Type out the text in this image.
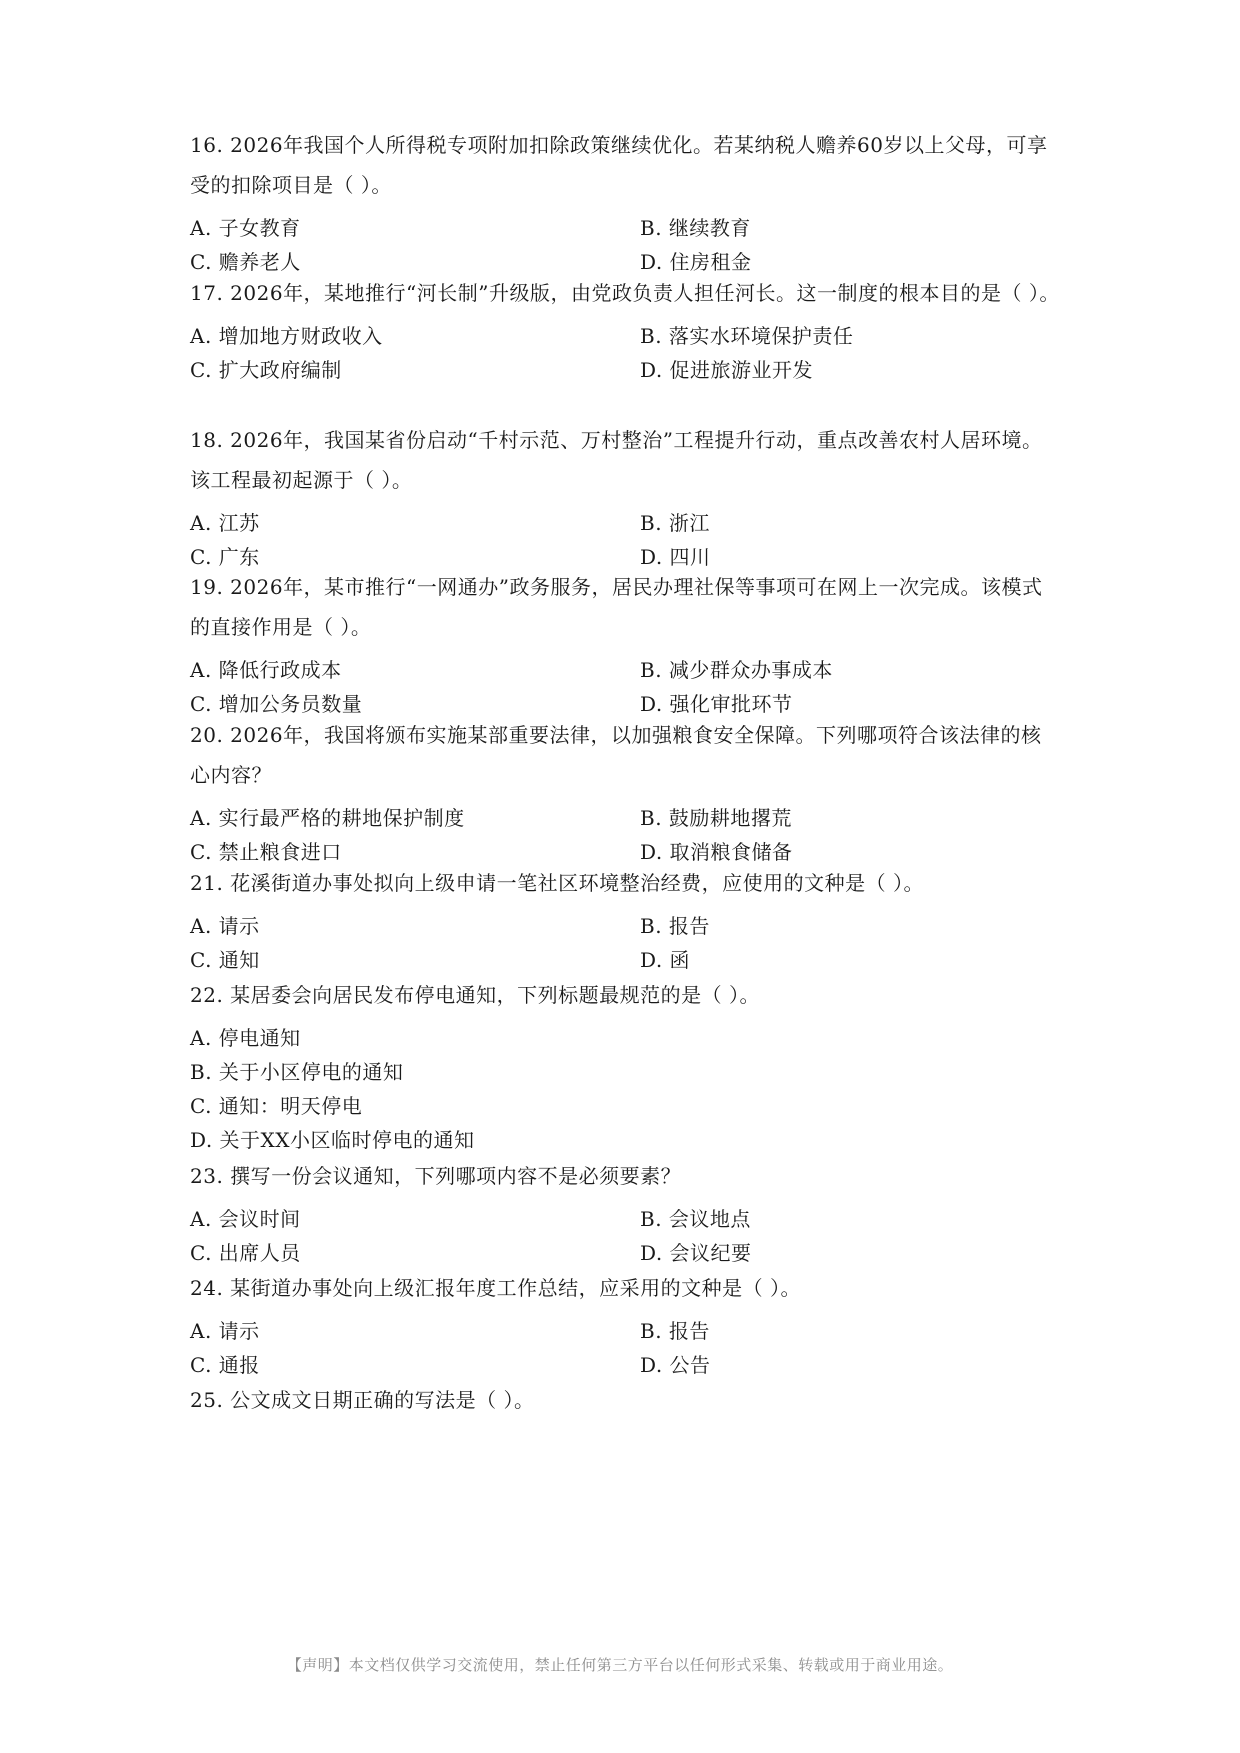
16. 2026年我国个人所得税专项附加扣除政策继续优化。若某纳税人赡养60岁以上父母，可享受的扣除项目是（ ）。

A. 子女教育	B. 继续教育
C. 赡养老人	D. 住房租金

17. 2026年，某地推行“河长制”升级版，由党政负责人担任河长。这一制度的根本目的是（ ）。

A. 增加地方财政收入	B. 落实水环境保护责任
C. 扩大政府编制	D. 促进旅游业开发

18. 2026年，我国某省份启动“千村示范、万村整治”工程提升行动，重点改善农村人居环境。该工程最初起源于（ ）。

A. 江苏	B. 浙江
C. 广东	D. 四川

19. 2026年，某市推行“一网通办”政务服务，居民办理社保等事项可在网上一次完成。该模式的直接作用是（ ）。

A. 降低行政成本	B. 减少群众办事成本
C. 增加公务员数量	D. 强化审批环节

20. 2026年，我国将颁布实施某部重要法律，以加强粮食安全保障。下列哪项符合该法律的核心内容？

A. 实行最严格的耕地保护制度	B. 鼓励耕地撂荒
C. 禁止粮食进口	D. 取消粮食储备

21. 花溪街道办事处拟向上级申请一笔社区环境整治经费，应使用的文种是（ ）。

A. 请示	B. 报告
C. 通知	D. 函

22. 某居委会向居民发布停电通知，下列标题最规范的是（ ）。

A. 停电通知
B. 关于小区停电的通知
C. 通知：明天停电
D. 关于XX小区临时停电的通知

23. 撰写一份会议通知，下列哪项内容不是必须要素？

A. 会议时间	B. 会议地点
C. 出席人员	D. 会议纪要

24. 某街道办事处向上级汇报年度工作总结，应采用的文种是（ ）。

A. 请示	B. 报告
C. 通报	D. 公告

25. 公文成文日期正确的写法是（ ）。

【声明】本文档仅供学习交流使用，禁止任何第三方平台以任何形式采集、转载或用于商业用途。
